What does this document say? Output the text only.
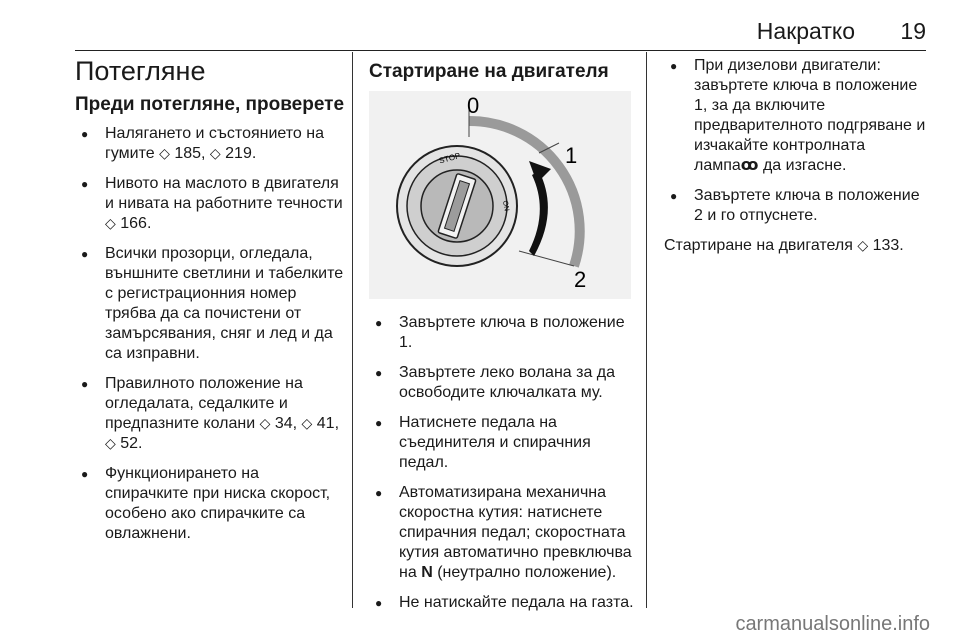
Накратко 19
Потегляне
Преди потегляне, проверете
● Налягането и състоянието на гумите ◇ 185, ◇ 219.
● Нивото на маслото в двигателя и нивата на работните течности ◇ 166.
● Всички прозорци, огледала, външните светлини и табелките с регистрационния номер трябва да са почистени от замърсявания, сняг и лед и да са изправни.
● Правилното положение на огледалата, седалките и предпазните колани ◇ 34, ◇ 41, ◇ 52.
● Функционирането на спирачките при ниска скорост, особено ако спирачките са овлажнени.
Стартиране на двигателя
STOP
ON
0
1
2
● Завъртете ключа в положение 1.
● Завъртете леко волана за да освободите ключалката му.
● Натиснете педала на съединителя и спирачния педал.
● Автоматизирана механична скоростна кутия: натиснете спирачния педал; скоростната кутия автоматично превключва на N (неутрално положение).
● Не натискайте педала на газта.
● При дизелови двигатели: завъртете ключа в положение 1, за да включите предварителното подгряване и изчакайте контролната лампаꝏ да изгасне.
● Завъртете ключа в положение 2 и го отпуснете.

Стартиране на двигателя ◇ 133.

carmanualsonline.info
